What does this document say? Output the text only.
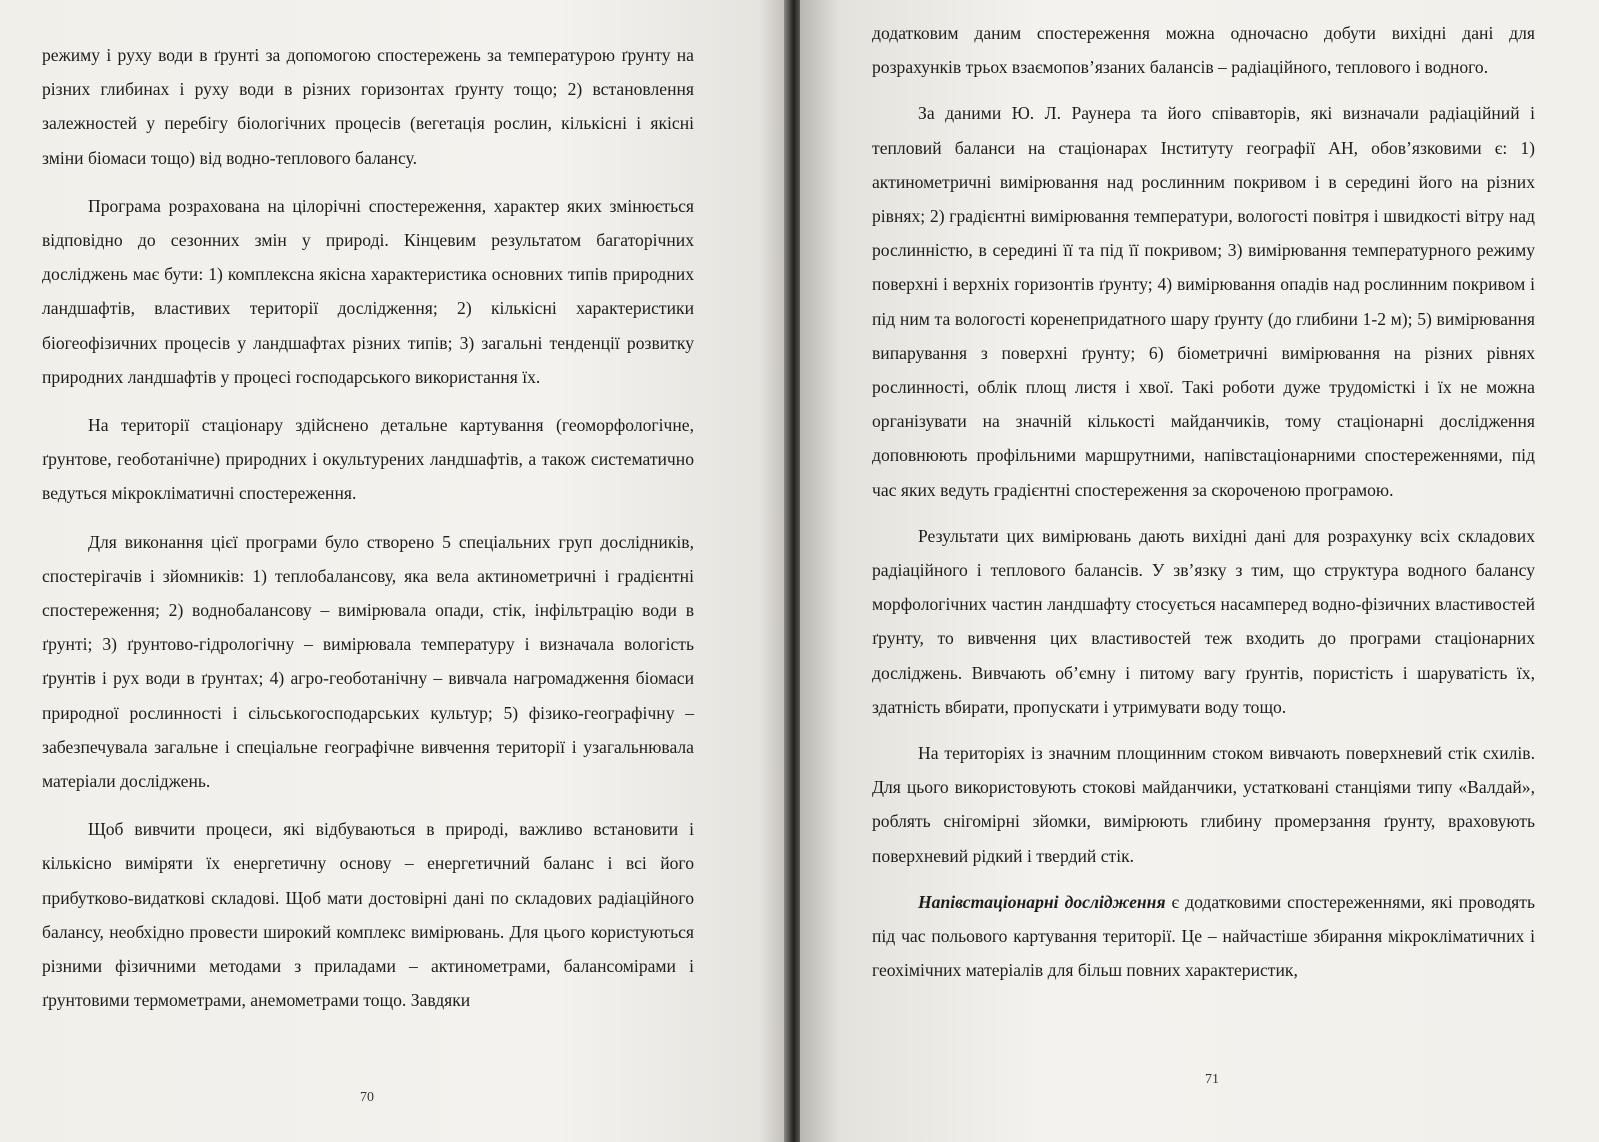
режиму і руху води в ґрунті за допомогою спостережень за температурою ґрунту на різних глибинах і руху води в різних горизонтах ґрунту тощо; 2) встановлення залежностей у перебігу біологічних процесів (вегетація рослин, кількісні і якісні зміни біомаси тощо) від водно-теплового балансу.

Програма розрахована на цілорічні спостереження, характер яких змінюється відповідно до сезонних змін у природі. Кінцевим результатом багаторічних досліджень має бути: 1) комплексна якісна характеристика основних типів природних ландшафтів, властивих території дослідження; 2) кількісні характеристики біогеофізичних процесів у ландшафтах різних типів; 3) загальні тенденції розвитку природних ландшафтів у процесі господарського використання їх.

На території стаціонару здійснено детальне картування (геоморфологічне, ґрунтове, геоботанічне) природних і окультурених ландшафтів, а також систематично ведуться мікрокліматичні спостереження.

Для виконання цієї програми було створено 5 спеціальних груп дослідників, спостерігачів і зйомників: 1) теплобалансову, яка вела актинометричні і градієнтні спостереження; 2) воднобалансову – вимірювала опади, стік, інфільтрацію води в ґрунті; 3) ґрунтово-гідрологічну – вимірювала температуру і визначала вологість ґрунтів і рух води в ґрунтах; 4) агро-геоботанічну – вивчала нагромадження біомаси природної рослинності і сільськогосподарських культур; 5) фізико-географічну – забезпечувала загальне і спеціальне географічне вивчення території і узагальнювала матеріали досліджень.

Щоб вивчити процеси, які відбуваються в природі, важливо встановити і кількісно виміряти їх енергетичну основу – енергетичний баланс і всі його прибутково-видаткові складові. Щоб мати достовірні дані по складових радіаційного балансу, необхідно провести широкий комплекс вимірювань. Для цього користуються різними фізичними методами з приладами – актинометрами, балансомірами і ґрунтовими термометрами, анемометрами тощо. Завдяки

70

додатковим даним спостереження можна одночасно добути вихідні дані для розрахунків трьох взаємопов’язаних балансів – радіаційного, теплового і водного.

За даними Ю. Л. Раунера та його співавторів, які визначали радіаційний і тепловий баланси на стаціонарах Інституту географії АН, обов’язковими є: 1) актинометричні вимірювання над рослинним покривом і в середині його на різних рівнях; 2) градієнтні вимірювання температури, вологості повітря і швидкості вітру над рослинністю, в середині її та під її покривом; 3) вимірювання температурного режиму поверхні і верхніх горизонтів ґрунту; 4) вимірювання опадів над рослинним покривом і під ним та вологості коренепридатного шару ґрунту (до глибини 1-2 м); 5) вимірювання випарування з поверхні ґрунту; 6) біометричні вимірювання на різних рівнях рослинності, облік площ листя і хвої. Такі роботи дуже трудомісткі і їх не можна організувати на значній кількості майданчиків, тому стаціонарні дослідження доповнюють профільними маршрутними, напівстаціонарними спостереженнями, під час яких ведуть градієнтні спостереження за скороченою програмою.

Результати цих вимірювань дають вихідні дані для розрахунку всіх складових радіаційного і теплового балансів. У зв’язку з тим, що структура водного балансу морфологічних частин ландшафту стосується насамперед водно-фізичних властивостей ґрунту, то вивчення цих властивостей теж входить до програми стаціонарних досліджень. Вивчають об’ємну і питому вагу ґрунтів, пористість і шаруватість їх, здатність вбирати, пропускати і утримувати воду тощо.

На територіях із значним площинним стоком вивчають поверхневий стік схилів. Для цього використовують стокові майданчики, устатковані станціями типу «Валдай», роблять снігомірні зйомки, вимірюють глибину промерзання ґрунту, враховують поверхневий рідкий і твердий стік.

Напівстаціонарні дослідження є додатковими спостереженнями, які проводять під час польового картування території. Це – найчастіше збирання мікрокліматичних і геохімічних матеріалів для більш повних характеристик,

71
